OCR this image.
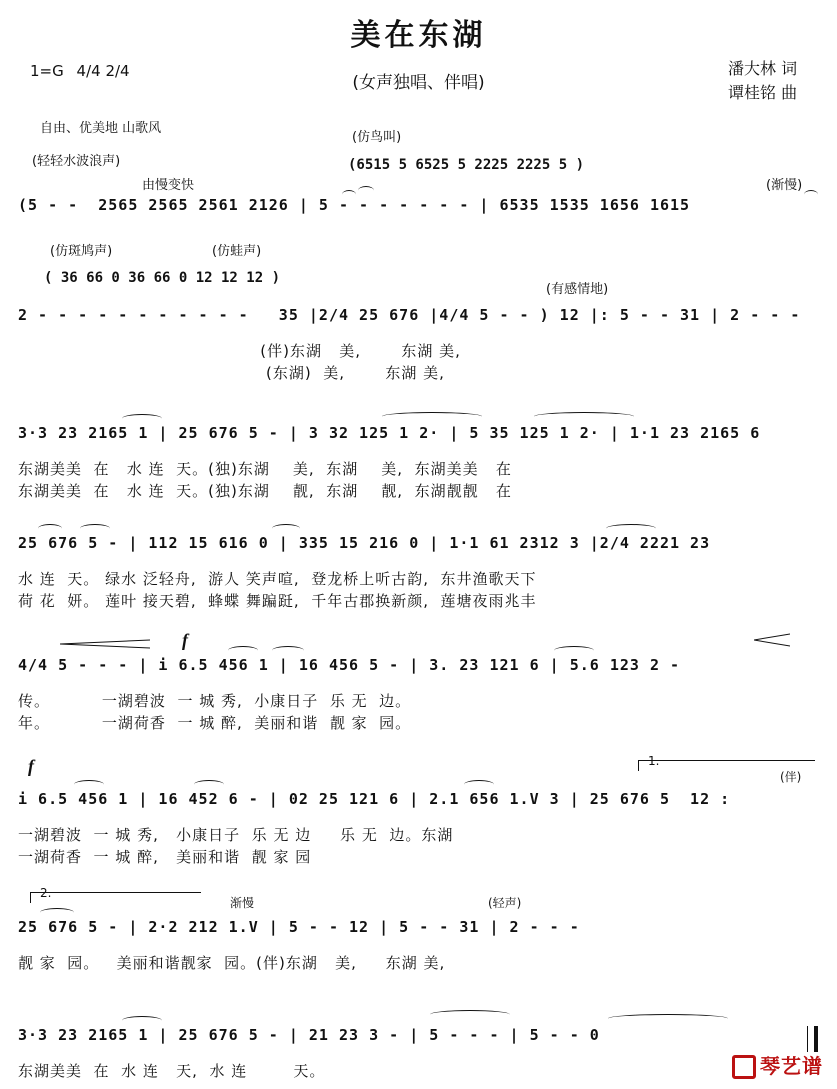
美在东湖
1=G 4/4 2/4
(女声独唱、伴唱)
潘大林 词
谭桂铭 曲
自由、优美地 山歌风
(仿鸟叫)
(6515 5 6525 5 2225 2225 5 )
(轻轻水波浪声)
由慢变快	(渐慢)
(5 - -  2565 2565 2561 2126 | 5 - - - - - - - | 6535 1535 1656 1615
(仿斑鸠声)	(仿蛙声)
( 36 66 0 36 66 0 12 12 12 )
(有感情地)
2 - - - - - - - - - - -   35 |2/4 25 676 |4/4 5 - - ) 12 |: 5 - - 31 | 2 - - -
(伴)东湖   美,       东湖 美,
(东湖)  美,       东湖 美,
3·3 23 2165 1 | 25 676 5 - | 3 32 125 1 2· | 5 35 125 1 2· | 1·1 23 2165 6
东湖美美  在   水 连  天。(独)东湖    美,  东湖    美,  东湖美美   在
东湖美美  在   水 连  天。(独)东湖    靓,  东湖    靓,  东湖靓靓   在
25 676 5 - | 112 15 616 0 | 335 15 216 0 | 1·1 61 2312 3 |2/4 2221 23
水 连  天。 绿水 泛轻舟,  游人 笑声喧,  登龙桥上听古韵,  东井渔歌天下
荷 花  妍。 莲叶 接天碧,  蜂蝶 舞蹁跹,  千年古郡换新颜,  莲塘夜雨兆丰
f
4/4 5 - - - | i 6.5 456 1 | 16 456 5 - | 3. 23 121 6 | 5.6 123 2 -
传。         一湖碧波  一 城 秀,  小康日子  乐 无  边。
年。         一湖荷香  一 城 醉,  美丽和谐  靓 家  园。
f	1.
(伴)
i 6.5 456 1 | 16 452 6 - | 02 25 121 6 | 2.1 656 1.V 3 | 25 676 5  12 :
一湖碧波  一 城 秀,   小康日子  乐 无 边     乐 无  边。东湖
一湖荷香  一 城 醉,   美丽和谐  靓 家 园
2.
渐慢	(轻声)
25 676 5 - | 2·2 212 1.V | 5 - - 12 | 5 - - 31 | 2 - - -
靓 家  园。   美丽和谐靓家  园。(伴)东湖   美,     东湖 美,
3·3 23 2165 1 | 25 676 5 - | 21 23 3 - | 5 - - - | 5 - - 0
东湖美美  在  水 连   天,  水 连        天。	琴艺谱
